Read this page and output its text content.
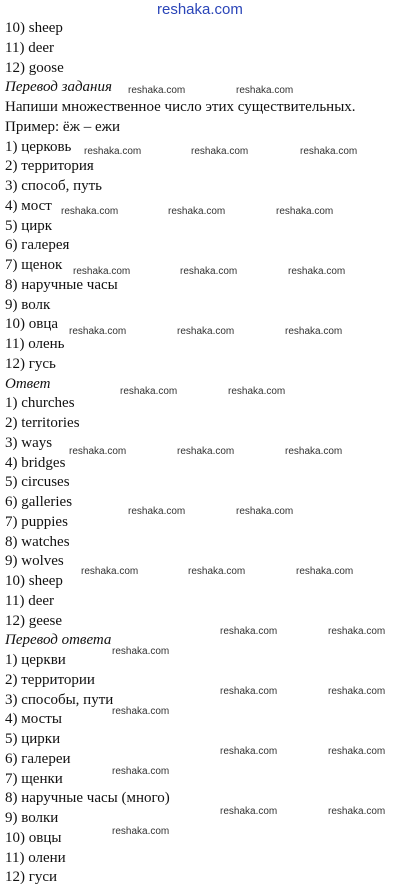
reshaka.com
10) sheep
11) deer
12) goose
Перевод задания
Напиши множественное число этих существительных.
Пример: ёж – ежи
1) церковь
2) территория
3) способ, путь
4) мост
5) цирк
6) галерея
7) щенок
8) наручные часы
9) волк
10) овца
11) олень
12) гусь
Ответ
1) churches
2) territories
3) ways
4) bridges
5) circuses
6) galleries
7) puppies
8) watches
9) wolves
10) sheep
11) deer
12) geese
Перевод ответа
1) церкви
2) территории
3) способы, пути
4) мосты
5) цирки
6) галереи
7) щенки
8) наручные часы (много)
9) волки
10) овцы
11) олени
12) гуси
reshaka.com	reshaka.com
reshaka.com	reshaka.com	reshaka.com
reshaka.com	reshaka.com	reshaka.com
reshaka.com	reshaka.com	reshaka.com
reshaka.com	reshaka.com	reshaka.com
reshaka.com	reshaka.com
reshaka.com	reshaka.com	reshaka.com
reshaka.com	reshaka.com
reshaka.com	reshaka.com	reshaka.com
reshaka.com	reshaka.com
reshaka.com
reshaka.com	reshaka.com
reshaka.com
reshaka.com	reshaka.com
reshaka.com
reshaka.com	reshaka.com
reshaka.com
